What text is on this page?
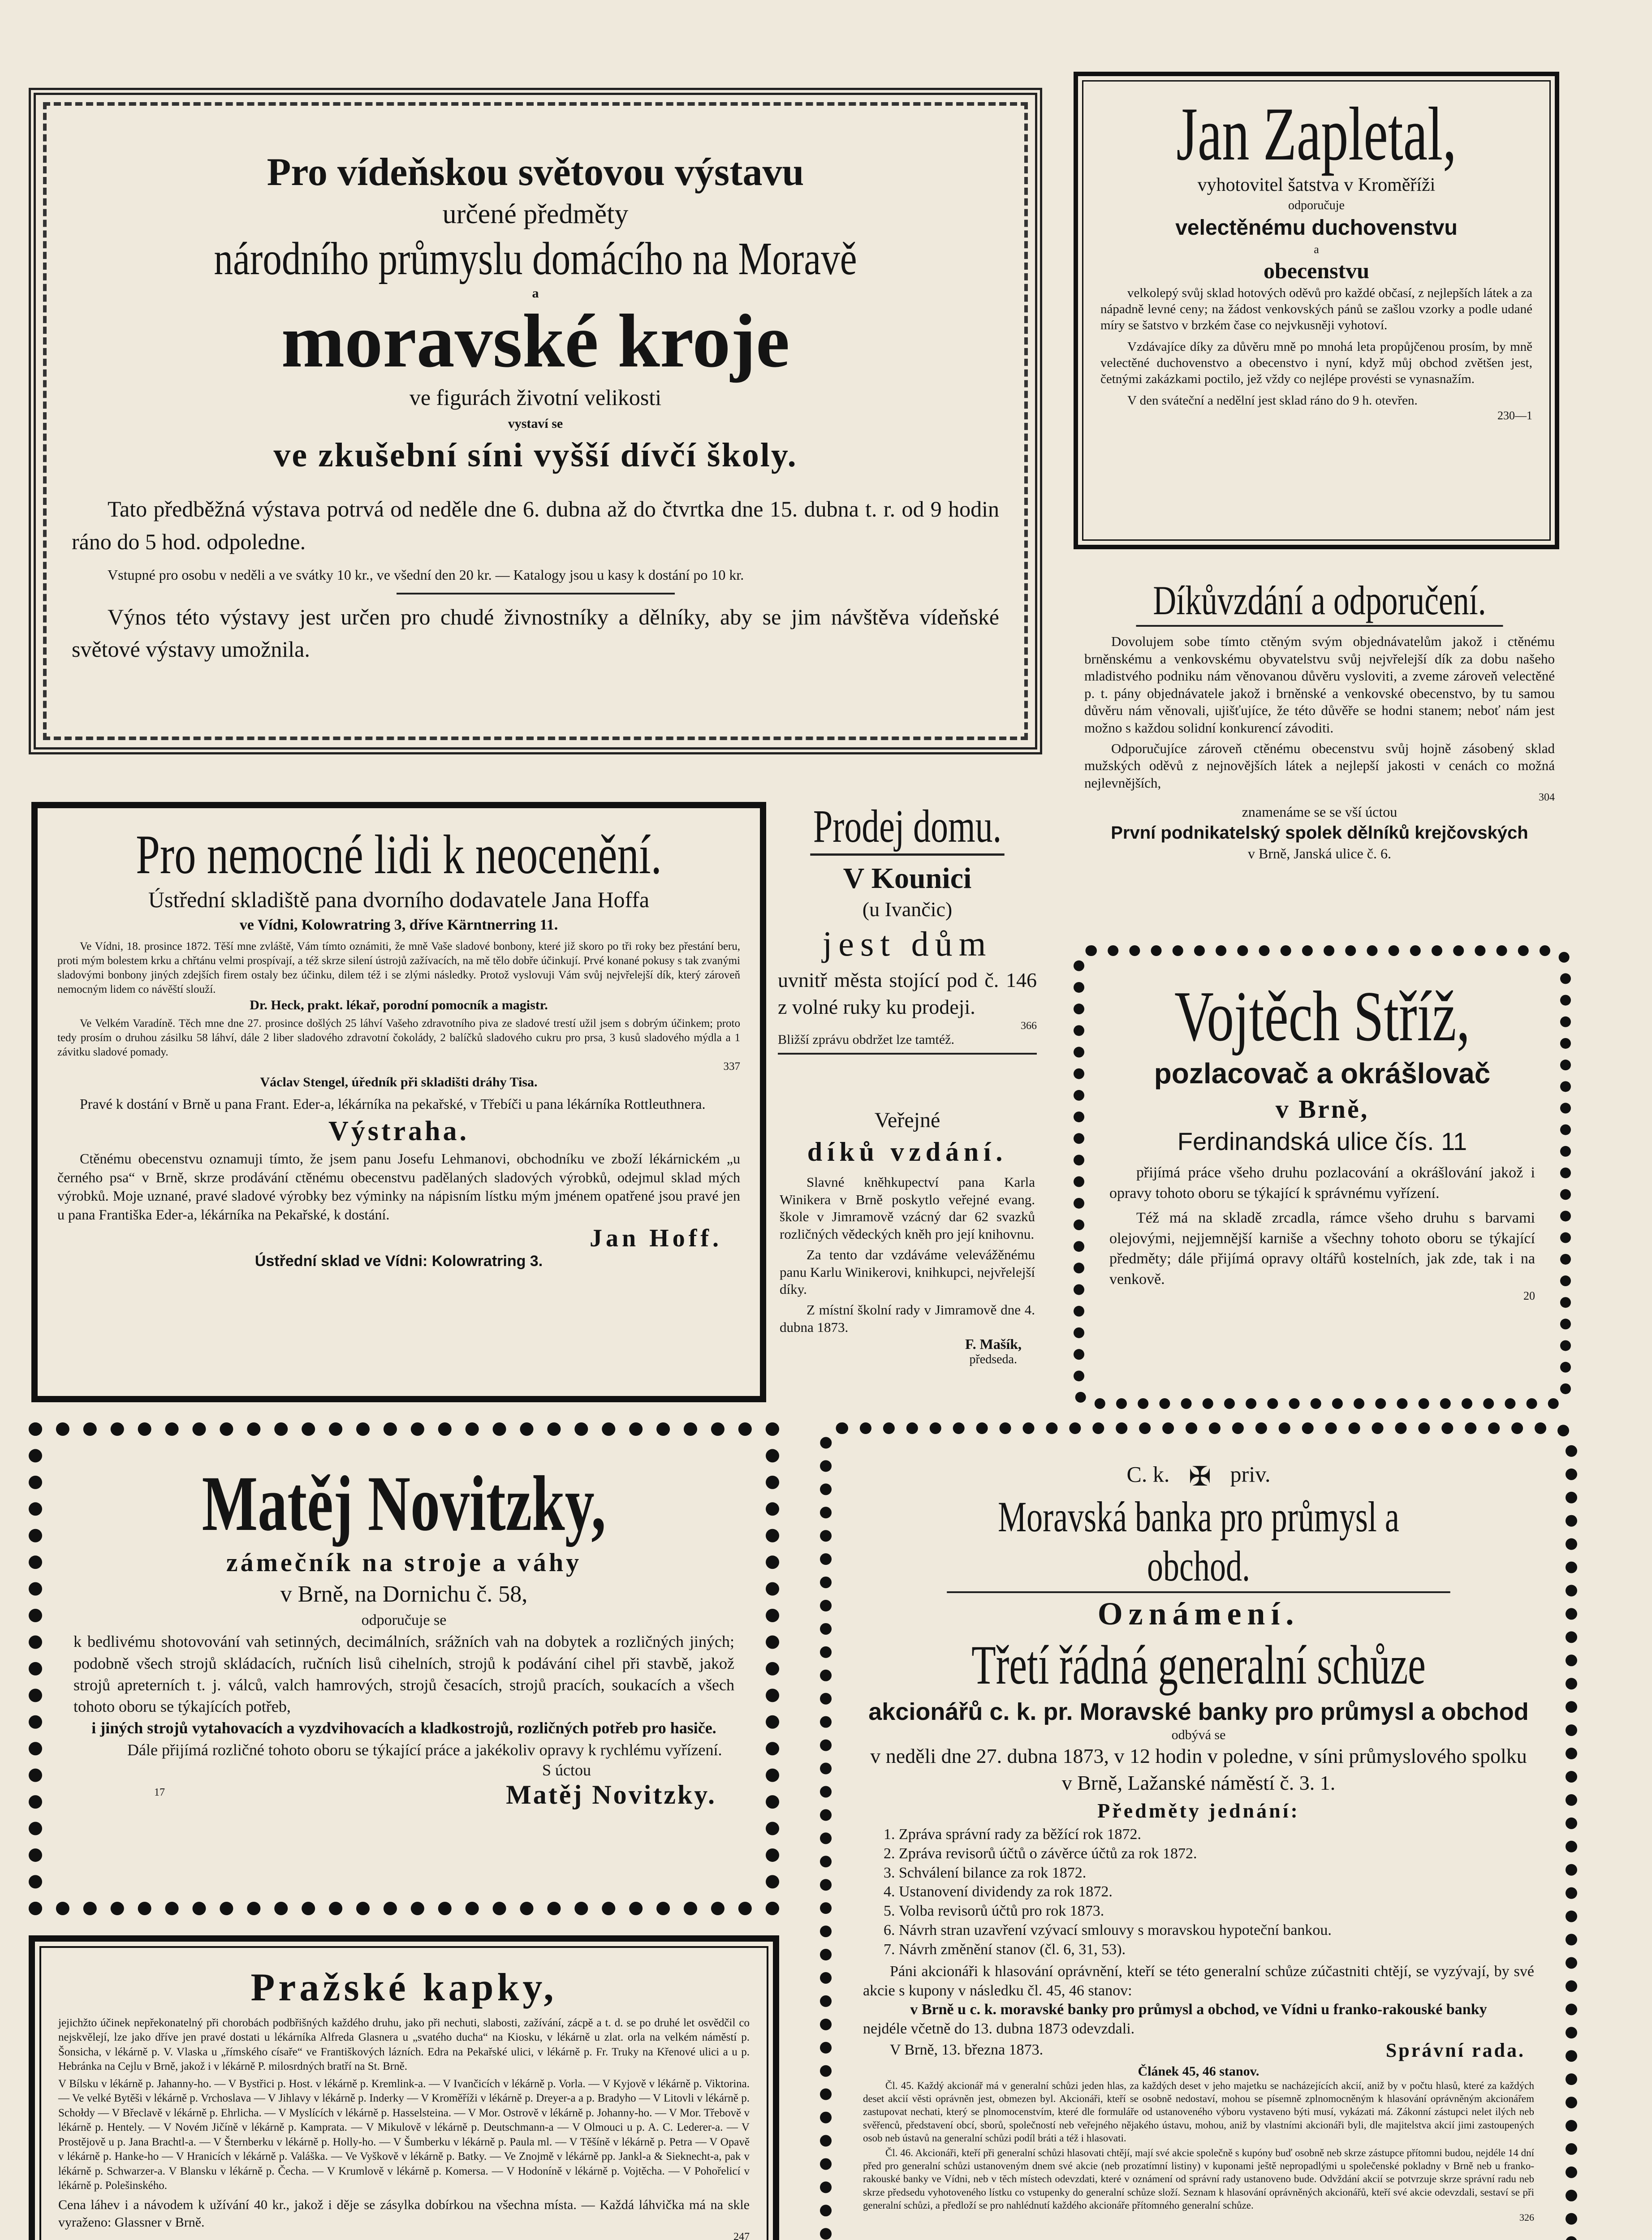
Pro vídeňskou světovou výstavu
určené předměty
národního průmyslu domácího na Moravě
a
moravské kroje
ve figurách životní velikosti
vystaví se
ve zkušební síni vyšší dívčí školy.

Tato předběžná výstava potrvá od neděle dne 6. dubna až do čtvrtka dne 15. dubna t. r. od 9 hodin ráno do 5 hod. odpoledne.

Vstupné pro osobu v neděli a ve svátky 10 kr., ve všední den 20 kr. — Katalogy jsou u kasy k dostání po 10 kr.

Výnos této výstavy jest určen pro chudé živnostníky a dělníky, aby se jim návštěva vídeňské světové výstavy umožnila.

Jan Zapletal,
vyhotovitel šatstva v Kroměříži
odporučuje
velectěnému duchovenstvu
a
obecenstvu

velkolepý svůj sklad hotových oděvů pro každé občasí, z nejlepších látek a za nápadně levné ceny; na žádost venkovských pánů se zašlou vzorky a podle udané míry se šatstvo v brzkém čase co nejvkusněji vyhotoví.

Vzdávajíce díky za důvěru mně po mnohá leta propůjčenou prosím, by mně velectěné duchovenstvo a obecenstvo i nyní, když můj obchod zvětšen jest, četnými zakázkami poctilo, jež vždy co nejlépe provésti se vynasnažím.

V den sváteční a nedělní jest sklad ráno do 9 h. otevřen.

230—1
Díkůvzdání a odporučení.

Dovolujem sobe tímto ctěným svým objednávatelům jakož i ctěnému brněnskému a venkovskému obyvatelstvu svůj nejvřelejší dík za dobu našeho mladistvého podniku nám věnovanou důvěru vysloviti, a zveme zároveň velectěné p. t. pány objednávatele jakož i brněnské a venkovské obecenstvo, by tu samou důvěru nám věnovali, ujišťujíce, že této důvěře se hodni stanem; neboť nám jest možno s každou solidní konkurencí závoditi.

Odporučujíce zároveň ctěnému obecenstvu svůj hojně zásobený sklad mužských oděvů z nejnovějších látek a nejlepší jakosti v cenách co možná nejlevnějších,

304
znamenáme se se vší úctou
První podnikatelský spolek dělníků krejčovských
v Brně, Janská ulice č. 6.
Pro nemocné lidi k neocenění.
Ústřední skladiště pana dvorního dodavatele Jana Hoffa
ve Vídni, Kolowratring 3, dříve Kärntnerring 11.

Ve Vídni, 18. prosince 1872. Těší mne zvláště, Vám tímto oznámiti, že mně Vaše sladové bonbony, které již skoro po tři roky bez přestání beru, proti mým bolestem krku a chřtánu velmi prospívají, a též skrze silení ústrojů zažívacích, na mě tělo dobře účinkují. Prvé konané pokusy s tak zvanými sladovými bonbony jiných zdejších firem ostaly bez účinku, dilem též i se zlými následky. Protož vyslovuji Vám svůj nejvřelejší dík, který zároveň nemocným lidem co návěští slouží.

Dr. Heck, prakt. lékař, porodní pomocník a magistr.

Ve Velkém Varadíně. Těch mne dne 27. prosince došlých 25 láhví Vašeho zdravotního piva ze sladové trestí užil jsem s dobrým účinkem; proto tedy prosím o druhou zásilku 58 láhví, dále 2 liber sladového zdravotní čokolády, 2 balíčků sladového cukru pro prsa, 3 kusů sladového mýdla a 1 závitku sladové pomady.

337
Václav Stengel, úředník při skladišti dráhy Tisa.

Pravé k dostání v Brně u pana Frant. Eder-a, lékárníka na pekařské, v Třebíči u pana lékárníka Rottleuthnera.

Výstraha.

Ctěnému obecenstvu oznamuji tímto, že jsem panu Josefu Lehmanovi, obchodníku ve zboží lékárnickém „u černého psa“ v Brně, skrze prodávání ctěnému obecenstvu padělaných sladových výrobků, odejmul sklad mých výrobků. Moje uznané, pravé sladové výrobky bez výminky na nápisním lístku mým jménem opatřené jsou pravé jen u pana Františka Eder-a, lékárníka na Pekařské, k dostání.

Jan Hoff.
Ústřední sklad ve Vídni: Kolowratring 3.
Prodej domu.
V Kounici
(u Ivančic)
jest dům

uvnitř města stojící pod č. 146 z volné ruky ku prodeji.

366
Bližší zprávu obdržet lze tamtéž.
Veřejné
díků vzdání.

Slavné kněhkupectví pana Karla Winikera v Brně poskytlo veřejné evang. škole v Jimramově vzácný dar 62 svazků rozličných vědeckých kněh pro její knihovnu.

Za tento dar vzdáváme velevážěnému panu Karlu Winikerovi, knihkupci, nejvřelejší díky.

Z místní školní rady v Jimramově dne 4. dubna 1873.

F. Mašík,
předseda.
Vojtěch Stříž,
pozlacovač a okrášlovač
v Brně,
Ferdinandská ulice čís. 11

přijímá práce všeho druhu pozlacování a okrášlování jakož i opravy tohoto oboru se týkající k správnému vyřízení.

Též má na skladě zrcadla, rámce všeho druhu s barvami olejovými, nejjemnější karniše a všechny tohoto oboru se týkající předměty; dále přijímá opravy oltářů kostelních, jak zde, tak i na venkově.

20
Matěj Novitzky,
zámečník na stroje a váhy
v Brně, na Dornichu č. 58,
odporučuje se

k bedlivému shotovování vah setinných, decimálních, srážních vah na dobytek a rozličných jiných; podobně všech strojů skládacích, ručních lisů cihelních, strojů k podávání cihel při stavbě, jakož strojů apreterních t. j. válců, valch hamrových, strojů česacích, strojů pracích, soukacích a všech tohoto oboru se týkajících potřeb,

i jiných strojů vytahovacích a vyzdvihovacích a kladkostrojů, rozličných potřeb pro hasiče.

Dále přijímá rozličné tohoto oboru se týkající práce a jakékoliv opravy k rychlému vyřízení.

S úctou
17	Matěj Novitzky.
Pražské kapky,

jejichžto účinek nepřekonatelný při chorobách podbřišných každého druhu, jako při nechuti, slabosti, zažívání, zácpě a t. d. se po druhé let osvědčil co nejskvělejí, lze jako dříve jen pravé dostati u lékárníka Alfreda Glasnera u „svatého ducha“ na Kiosku, v lékárně u zlat. orla na velkém náměstí p. Šonsicha, v lékárně p. V. Vlaska u „římského císaře“ ve Františkových lázních. Edra na Pekařské ulici, v lékárně p. Fr. Truky na Křenové ulici a u p. Hebránka na Cejlu v Brně, jakož i v lékárně P. milosrdných bratří na St. Brně.

V Bílsku v lékárně p. Jahanny-ho. — V Bystřici p. Host. v lékárně p. Kremlink-a. — V Ivančicích v lékárně p. Vorla. — V Kyjově v lékárně p. Viktorina. — Ve velké Bytěši v lékárně p. Vrchoslava — V Jihlavy v lékárně p. Inderky — V Kroměříži v lékárně p. Dreyer-a a p. Bradyho — V Litovli v lékárně p. Schołdy — V Břeclavě v lékárně p. Ehrlicha. — V Myslících v lékárně p. Hasselsteina. — V Mor. Ostrově v lékárně p. Johanny-ho. — V Mor. Třebově v lékárně p. Hentely. — V Novém Jičíně v lékárně p. Kamprata. — V Mikulově v lékárně p. Deutschmann-a — V Olmouci u p. A. C. Lederer-a. — V Prostějově u p. Jana Brachtl-a. — V Šternberku v lékárně p. Holly-ho. — V Šumberku v lékárně p. Paula ml. — V Těšíně v lékárně p. Petra — V Opavě v lékárně p. Hanke-ho — V Hranicích v lékárně p. Valáška. — Ve Vyškově v lékárně p. Batky. — Ve Znojmě v lékárně pp. Jankl-a & Sieknecht-a, pak v lékárně p. Schwarzer-a. V Blansku v lékárně p. Čecha. — V Krumlově v lékárně p. Komersa. — V Hodoníně v lékárně p. Vojtěcha. — V Pohořelicí v lékárně p. Polešinského.

Cena láhev i a návodem k užívání 40 kr., jakož i děje se zásylka dobírkou na všechna místa. — Každá láhvička má na skle vyraženo: Glassner v Brně.

247
C. k. ✠ priv.
Moravská banka pro průmysl a obchod.
Oznámení.
Třetí řádná generalní schůze
akcionářů c. k. pr. Moravské banky pro průmysl a obchod
odbývá se

v neděli dne 27. dubna 1873, v 12 hodin v poledne, v síni průmyslového spolku v Brně, Lažanské náměstí č. 3. 1.

Předměty jednání:
1. Zpráva správní rady za běžící rok 1872.
2. Zpráva revisorů účtů o závěrce účtů za rok 1872.
3. Schválení bilance za rok 1872.
4. Ustanovení dividendy za rok 1872.
5. Volba revisorů účtů pro rok 1873.
6. Návrh stran uzavření vzývací smlouvy s moravskou hypoteční bankou.
7. Návrh změnění stanov (čl. 6, 31, 53).

Páni akcionáři k hlasování oprávnění, kteří se této generalní schůze zúčastniti chtějí, se vyzývají, by své akcie s kupony v následku čl. 45, 46 stanov:

v Brně u c. k. moravské banky pro průmysl a obchod, ve Vídni u franko-rakouské banky

nejdéle včetně do 13. dubna 1873 odevzdali.

V Brně, 13. března 1873.	Správní rada.
Článek 45, 46 stanov.

Čl. 45. Každý akcionář má v generalní schůzi jeden hlas, za každých deset v jeho majetku se nacházejících akcií, aniž by v počtu hlasů, které za každých deset akcií věsti oprávněn jest, obmezen byl. Akcionáři, kteří se osobně nedostaví, mohou se písemně zplnomocněným k hlasování oprávněným akcionářem zastupovat nechati, který se plnomocenstvím, které dle formuláře od ustanoveného výboru vystaveno býti musí, vykázati má. Zákonní zástupci nelet ilých neb svěřenců, představení obcí, sborů, společností neb veřejného nějakého ústavu, mohou, aniž by vlastními akcionáři byli, dle majitelstva akcií jimi zastoupených osob neb ústavů na generalní schůzi podíl bráti a též i hlasovati.

Čl. 46. Akcionáři, kteří při generalní schůzi hlasovati chtějí, mají své akcie společně s kupóny buď osobně neb skrze zástupce přítomni budou, nejdéle 14 dní před pro generalní schůzi ustanoveným dnem své akcie (neb prozatímní listiny) v kuponami ještě nepropadlými u společenské pokladny v Brně neb u franko-rakouské banky ve Vídni, neb v těch místech odevzdati, které v oznámení od správní rady ustanoveno bude. Odvždání akcií se potvrzuje skrze správní radu neb skrze předsedu vyhotoveného lístku co vstupenky do generalní schůze složí. Seznam k hlasování oprávněných akcionářů, kteří své akcie odevzdali, sestaví se při generalní schůzi, a předloží se pro nahlédnutí každého akcionáře přítomného generalní schůze.

326
